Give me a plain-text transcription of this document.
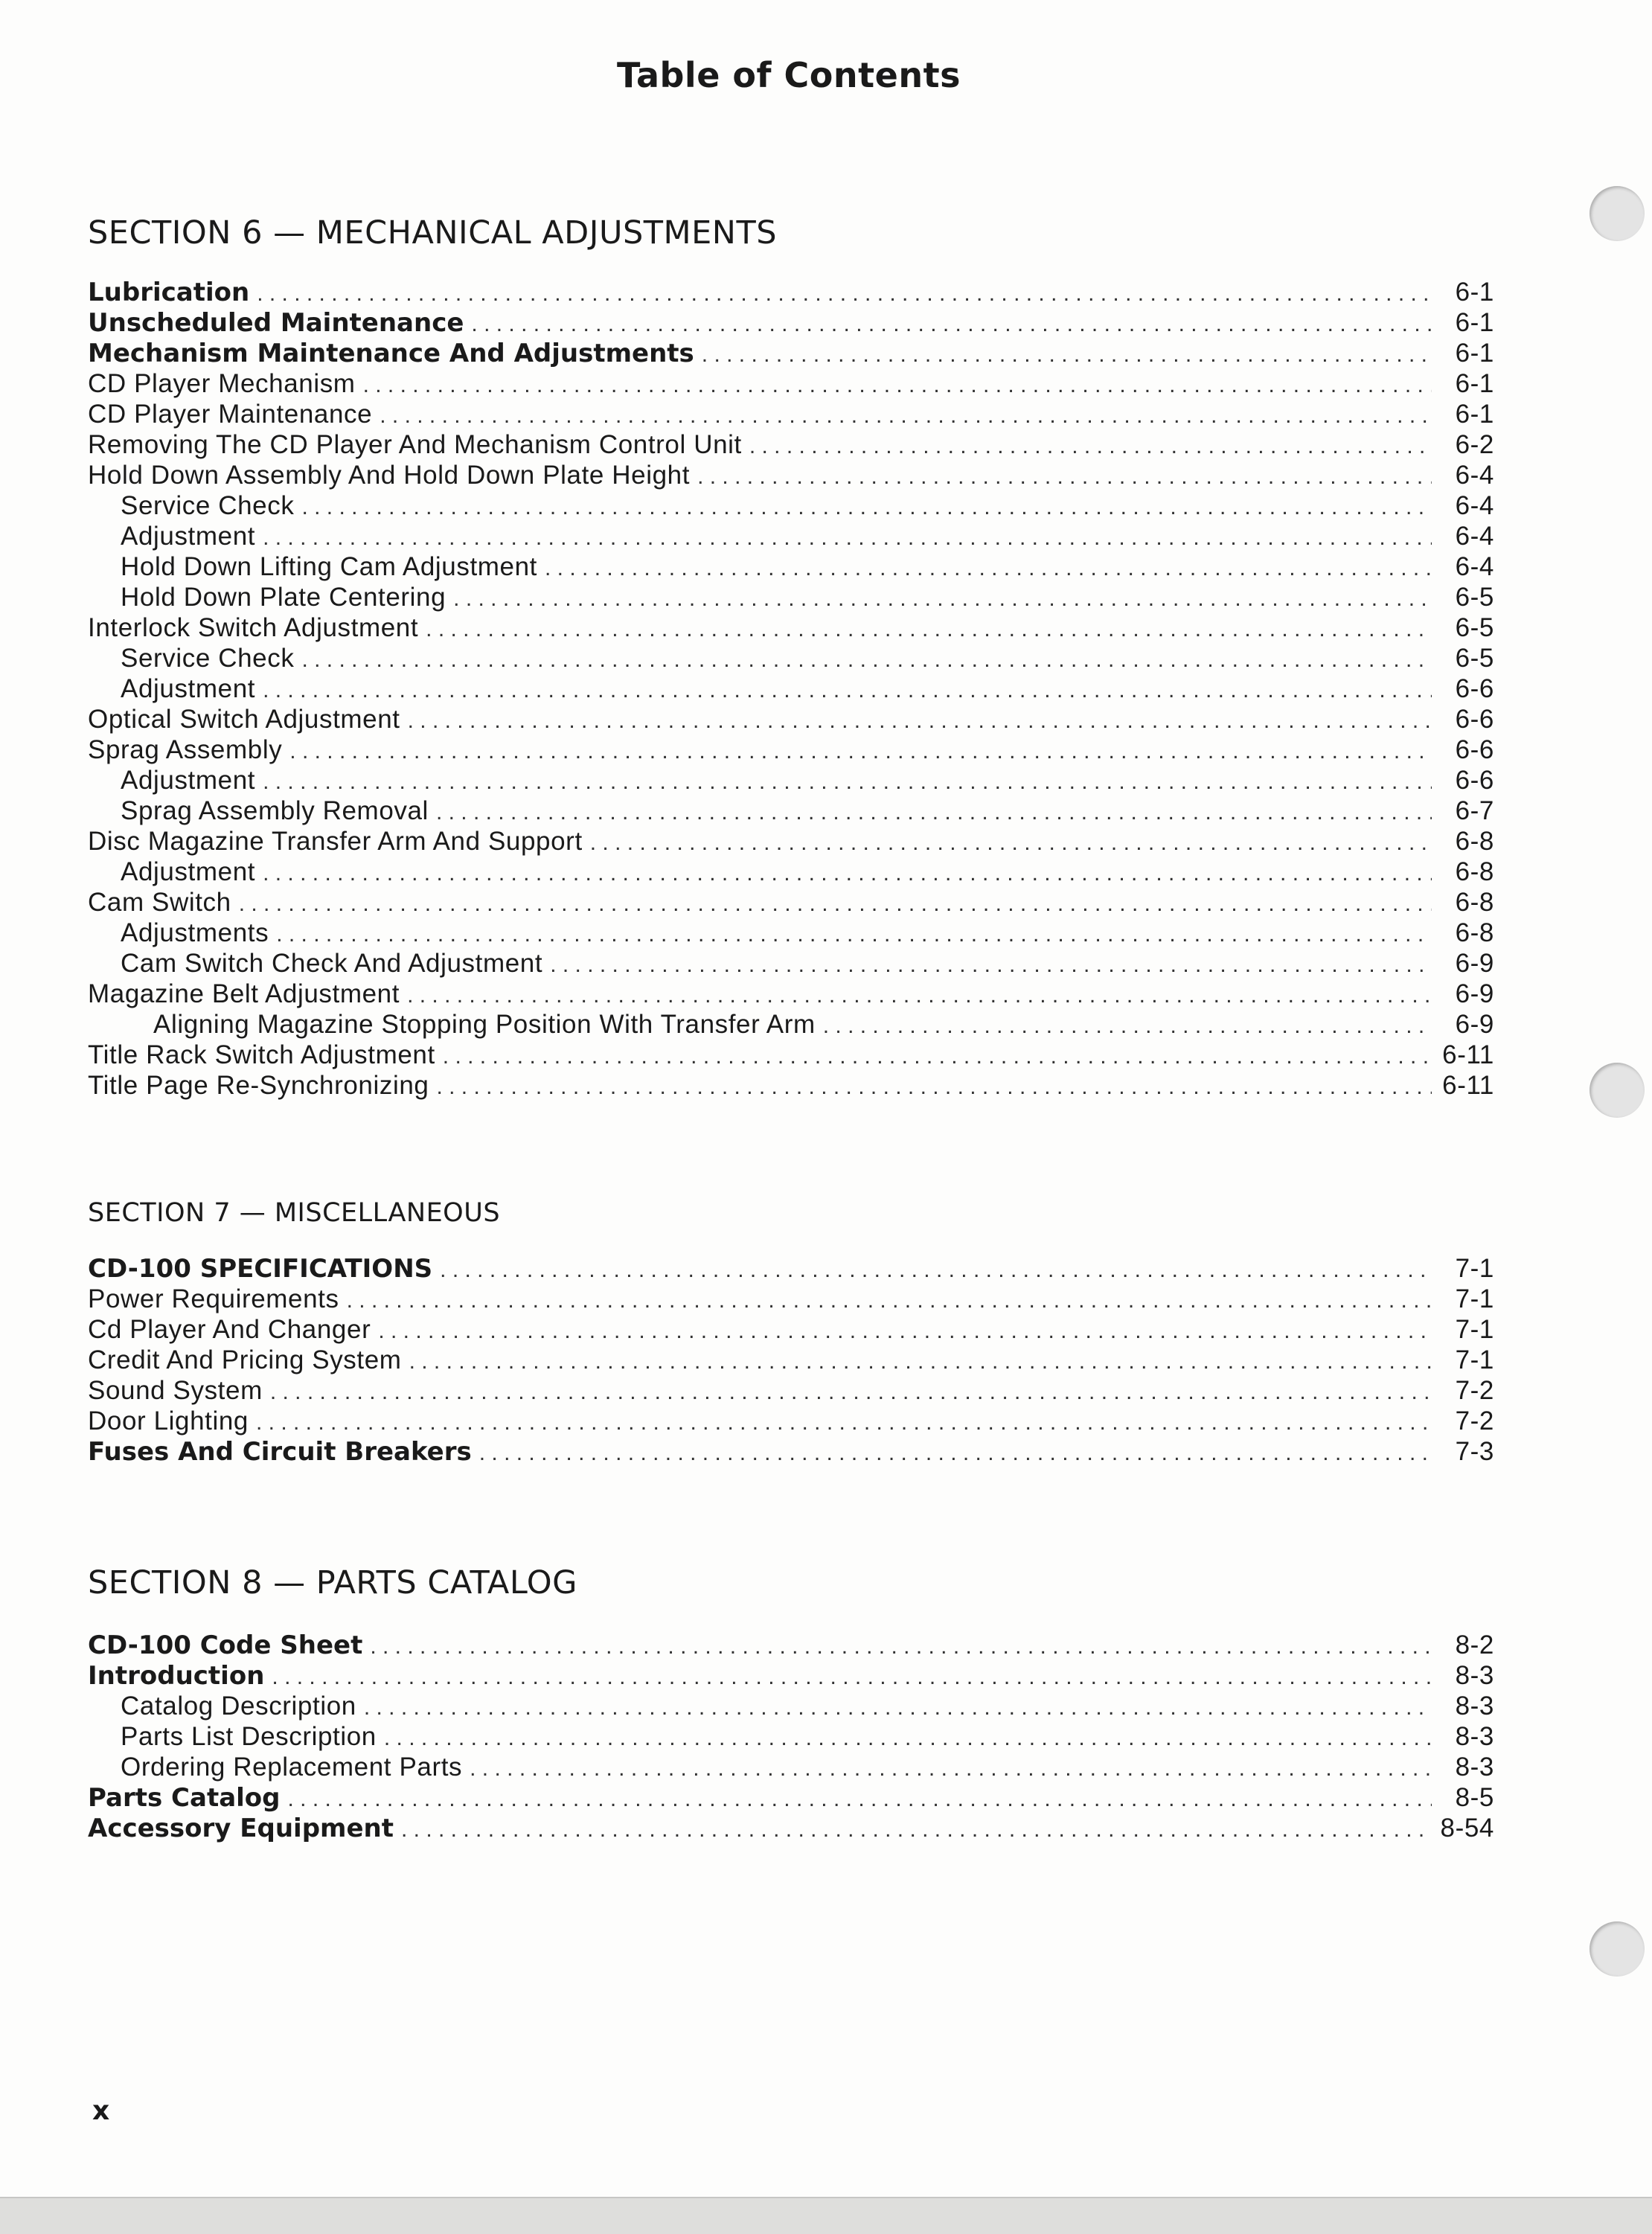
Table of Contents
SECTION 6 — MECHANICAL ADJUSTMENTS
Lubrication . . .	6-1
Unscheduled Maintenance . . .	6-1
Mechanism Maintenance And Adjustments . . .	6-1
CD Player Mechanism . . .	6-1
CD Player Maintenance . . .	6-1
Removing The CD Player And Mechanism Control Unit . . .	6-2
Hold Down Assembly And Hold Down Plate Height . . .	6-4
Service Check . . .	6-4
Adjustment . . .	6-4
Hold Down Lifting Cam Adjustment . . .	6-4
Hold Down Plate Centering . . .	6-5
Interlock Switch Adjustment . . .	6-5
Service Check . . .	6-5
Adjustment . . .	6-6
Optical Switch Adjustment . . .	6-6
Sprag Assembly . . .	6-6
Adjustment . . .	6-6
Sprag Assembly Removal . . .	6-7
Disc Magazine Transfer Arm And Support . . .	6-8
Adjustment . . .	6-8
Cam Switch . . .	6-8
Adjustments . . .	6-8
Cam Switch Check And Adjustment . . .	6-9
Magazine Belt Adjustment . . .	6-9
Aligning Magazine Stopping Position With Transfer Arm . . .	6-9
Title Rack Switch Adjustment . . .	6-11
Title Page Re-Synchronizing . . .	6-11
SECTION 7 — MISCELLANEOUS
CD-100 SPECIFICATIONS . . .	7-1
Power Requirements . . .	7-1
Cd Player And Changer . . .	7-1
Credit And Pricing System . . .	7-1
Sound System . . .	7-2
Door Lighting . . .	7-2
Fuses And Circuit Breakers . . .	7-3
SECTION 8 — PARTS CATALOG
CD-100 Code Sheet . . .	8-2
Introduction . . .	8-3
Catalog Description . . .	8-3
Parts List Description . . .	8-3
Ordering Replacement Parts . . .	8-3
Parts Catalog . . .	8-5
Accessory Equipment . . .	8-54
x
